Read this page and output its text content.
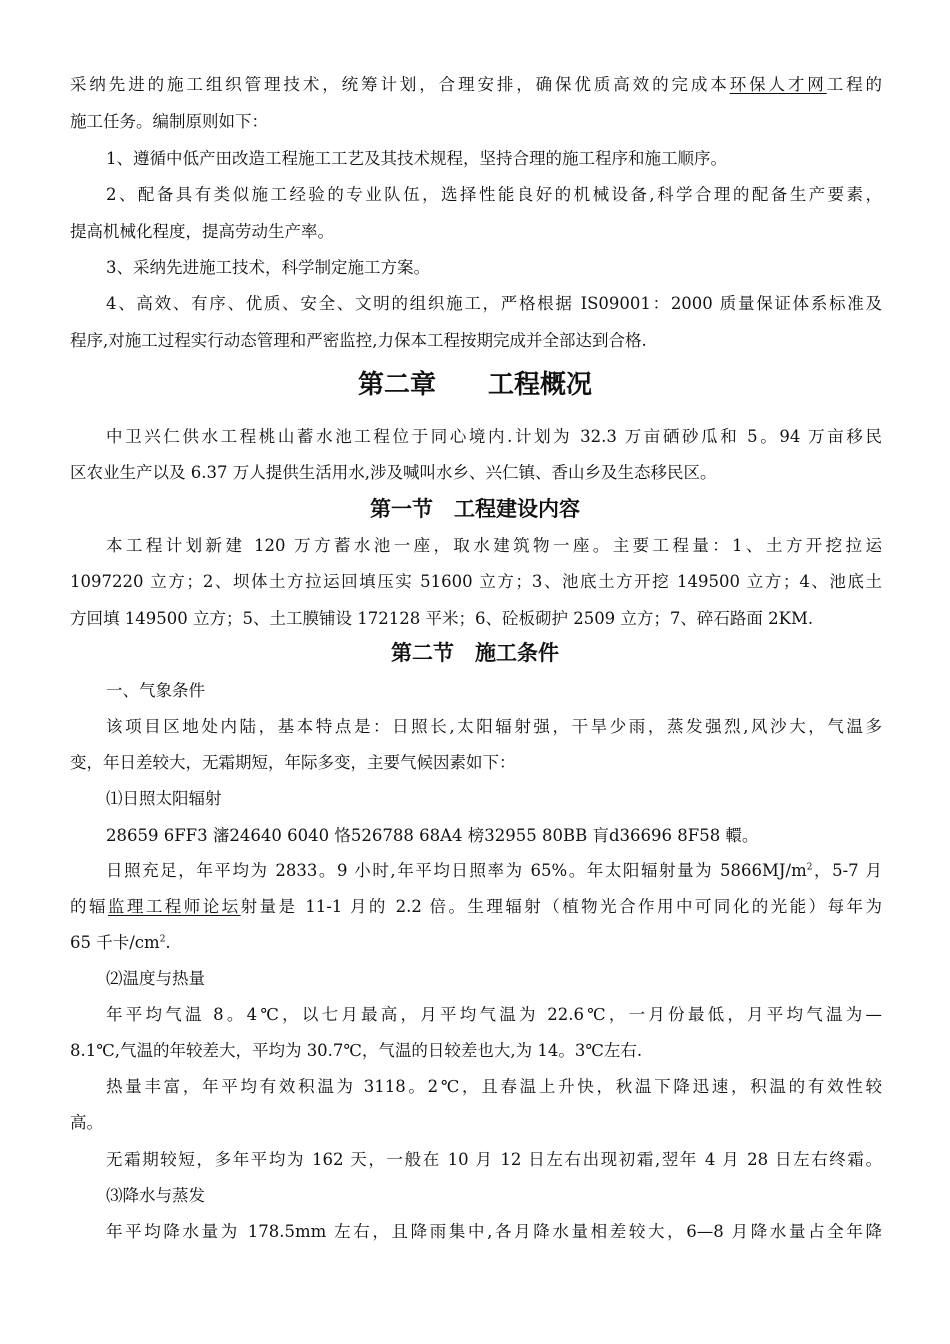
采纳先进的施工组织管理技术，统筹计划，合理安排，确保优质高效的完成本环保人才网工程的
施工任务。编制原则如下：
1、遵循中低产田改造工程施工工艺及其技术规程，坚持合理的施工程序和施工顺序。
2、配备具有类似施工经验的专业队伍，选择性能良好的机械设备,科学合理的配备生产要素，
提高机械化程度，提高劳动生产率。
3、采纳先进施工技术，科学制定施工方案。
4、高效、有序、优质、安全、文明的组织施工，严格根据 IS09001：2000 质量保证体系标准及
程序,对施工过程实行动态管理和严密监控,力保本工程按期完成并全部达到合格.
第二章　　工程概况
中卫兴仁供水工程桃山蓄水池工程位于同心境内.计划为 32.3 万亩硒砂瓜和 5。94 万亩移民
区农业生产以及 6.37 万人提供生活用水,涉及喊叫水乡、兴仁镇、香山乡及生态移民区。
第一节　工程建设内容
本工程计划新建 120 万方蓄水池一座，取水建筑物一座。主要工程量：1、土方开挖拉运
1097220 立方；2、坝体土方拉运回填压实 51600 立方；3、池底土方开挖 149500 立方；4、池底土
方回填 149500 立方；5、土工膜铺设 172128 平米；6、砼板砌护 2509 立方；7、碎石路面 2KM.
第二节　施工条件
一、气象条件
该项目区地处内陆，基本特点是：日照长,太阳辐射强，干旱少雨，蒸发强烈,风沙大，气温多
变，年日差较大，无霜期短，年际多变，主要气候因素如下：
⑴日照太阳辐射
28659 6FF3 瀋24640 6040 恪526788 68A4 榜32955 80BB 肓d36696 8F58 轘。
日照充足，年平均为 2833。9 小时,年平均日照率为 65%。年太阳辐射量为 $5866MJ/m^2$，5-7 月
的辐监理工程师论坛射量是 11-1 月的 2.2 倍。生理辐射（植物光合作用中可同化的光能）每年为
65 千卡$/cm^2$.
⑵温度与热量
年平均气温 8。4℃，以七月最高，月平均气温为 22.6℃，一月份最低，月平均气温为—
8.1℃,气温的年较差大，平均为 30.7℃，气温的日较差也大,为 14。3℃左右.
热量丰富，年平均有效积温为 3118。2℃，且春温上升快，秋温下降迅速，积温的有效性较
高。
无霜期较短，多年平均为 162 天，一般在 10 月 12 日左右出现初霜,翌年 4 月 28 日左右终霜。
⑶降水与蒸发
年平均降水量为 178.5mm 左右，且降雨集中,各月降水量相差较大，6—8 月降水量占全年降
